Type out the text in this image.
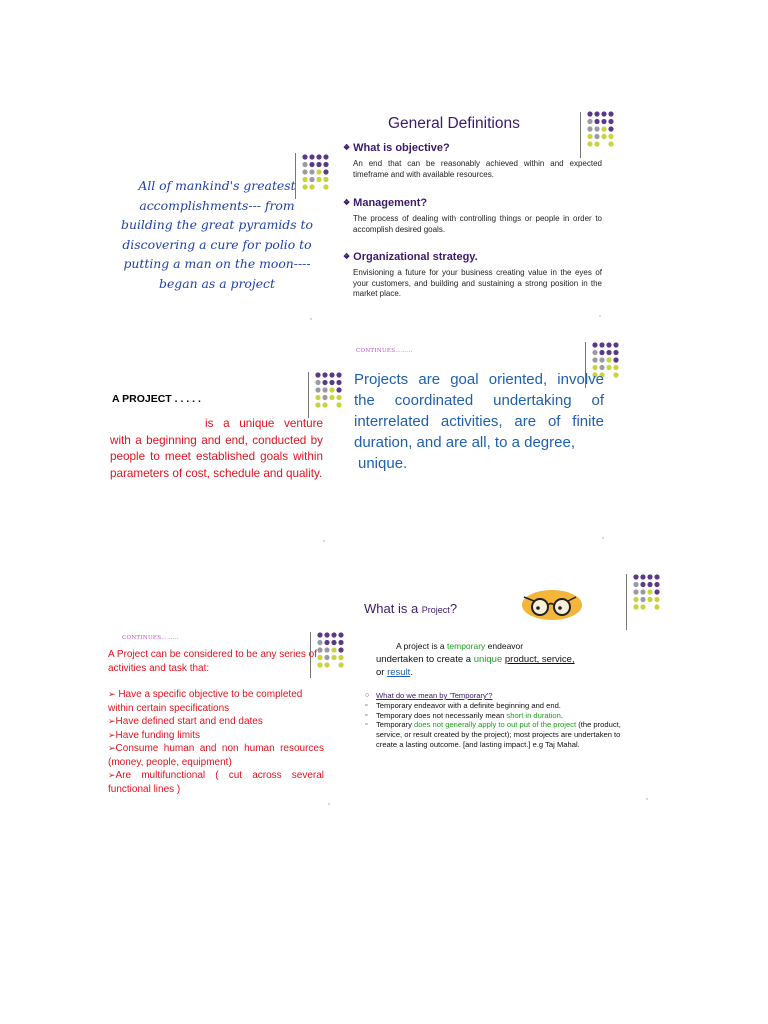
,	,
,	,
,
,
All of mankind's greatest accomplishments--- from building the great pyramids to discovering a cure for polio to putting a man on the moon---- began as a project
General Definitions
❖ What is objective?
An end that can be reasonably achieved within and expected timeframe and with available resources.
❖ Management?
The process of dealing with controlling things or people in order to accomplish desired goals.
❖ Organizational strategy.
Envisioning a future for your business creating value in the eyes of your customers, and building and sustaining a strong position in the market place.
A PROJECT . . . . .
is a unique venture with a beginning and end, conducted by people to meet established goals within parameters of cost, schedule and quality.
CONTINUES………
Projects are goal oriented, involve the coordinated undertaking of interrelated activities, are of finite duration, and are all, to a degree,
unique.
CONTINUES………
A Project can be considered to be any series of activities and task that:
➢ Have a specific objective to be completed within certain specifications
➢Have defined start and end dates
➢Have funding limits
➢Consume human and non human resources (money, people, equipment)
➢Are multifunctional ( cut across several functional lines )
What is a Project?
A project is a temporary endeavor
undertaken to create a unique product, service,
or result.
○ What do we mean by 'Temporary'?
▫ Temporary endeavor with a definite beginning and end.
▫ Temporary does not necessarily mean short in duration.
▫ Temporary does not generally apply to out put of the project (the product, service, or result created by the project); most projects are undertaken to create a lasting outcome. [and lasting impact.] e.g Taj Mahal.
